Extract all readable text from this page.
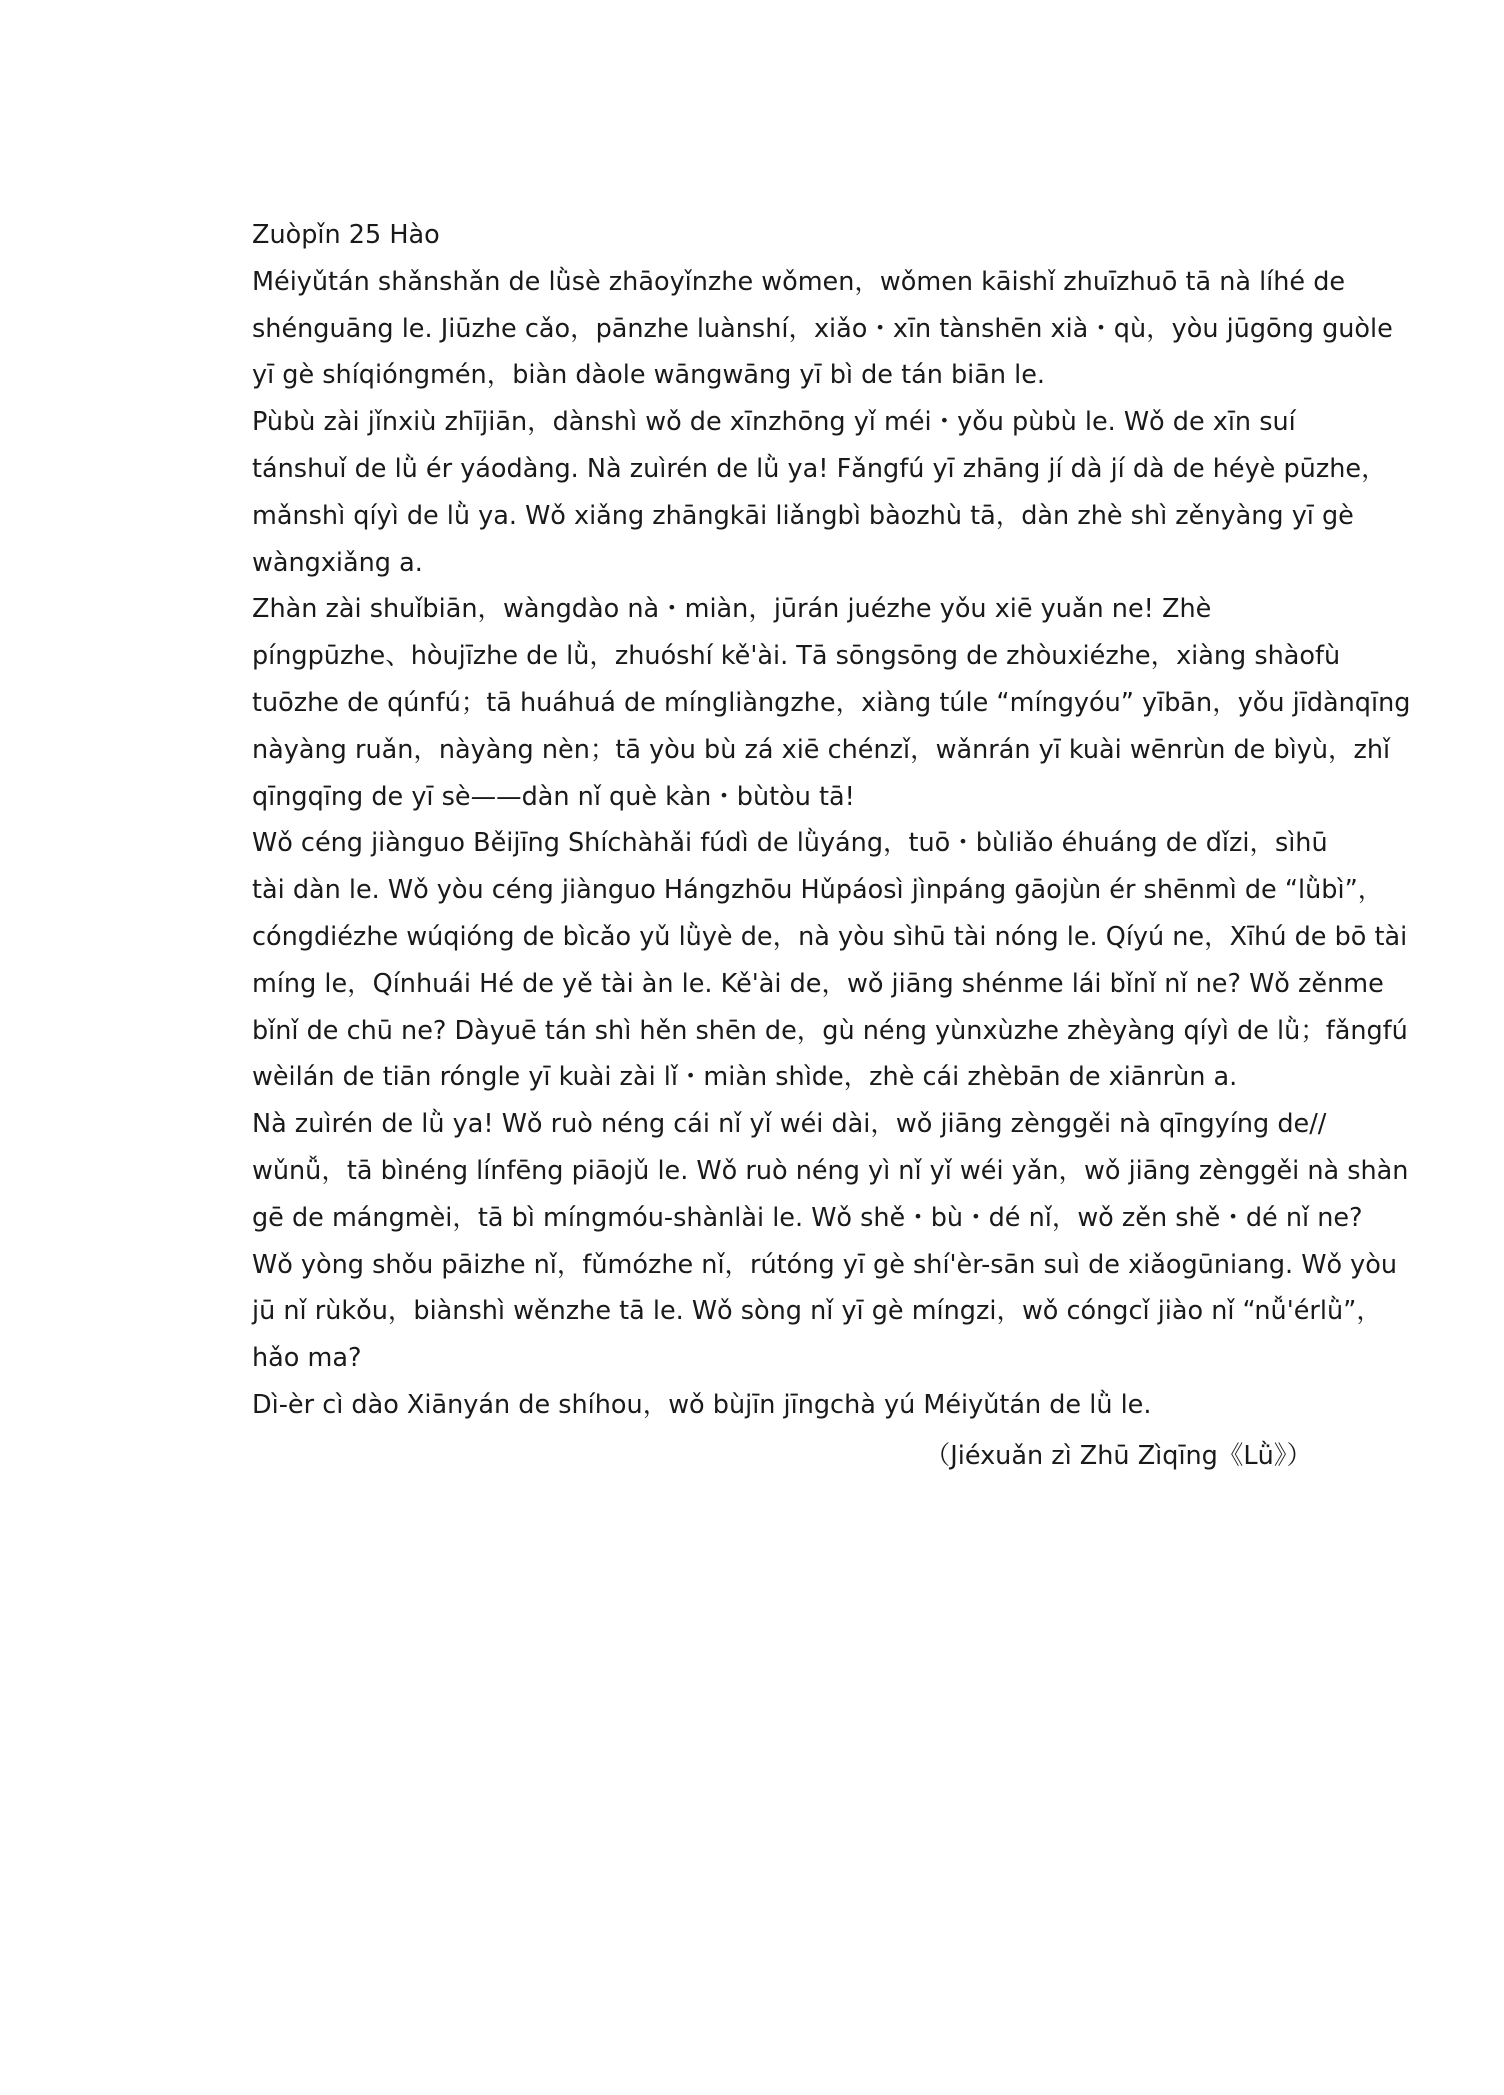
Zuòpǐn 25 Hào

Méiyǔtán shǎnshǎn de lǜsè zhāoyǐnzhe wǒmen，wǒmen kāishǐ zhuīzhuō tā nà líhé de
shénguāng le. Jiūzhe cǎo，pānzhe luànshí，xiǎo・xīn tànshēn xià・qù，yòu jūgōng guòle
yī gè shíqióngmén，biàn dàole wāngwāng yī bì de tán biān le.

Pùbù zài jǐnxiù zhījiān，dànshì wǒ de xīnzhōng yǐ méi・yǒu pùbù le. Wǒ de xīn suí
tánshuǐ de lǜ ér yáodàng. Nà zuìrén de lǜ ya! Fǎngfú yī zhāng jí dà jí dà de héyè pūzhe，
mǎnshì qíyì de lǜ ya. Wǒ xiǎng zhāngkāi liǎngbì bàozhù tā，dàn zhè shì zěnyàng yī gè
wàngxiǎng a.

Zhàn zài shuǐbiān，wàngdào nà・miàn，jūrán juézhe yǒu xiē yuǎn ne! Zhè
píngpūzhe、hòujīzhe de lǜ，zhuóshí kě'ài. Tā sōngsōng de zhòuxiézhe，xiàng shàofù
tuōzhe de qúnfú；tā huáhuá de míngliàngzhe，xiàng túle “míngyóu” yībān，yǒu jīdànqīng
nàyàng ruǎn，nàyàng nèn；tā yòu bù zá xiē chénzǐ，wǎnrán yī kuài wēnrùn de bìyù，zhǐ
qīngqīng de yī sè——dàn nǐ què kàn・bùtòu tā!

Wǒ céng jiànguo Běijīng Shíchàhǎi fúdì de lǜyáng，tuō・bùliǎo éhuáng de dǐzi，sìhū
tài dàn le. Wǒ yòu céng jiànguo Hángzhōu Hǔpáosì jìnpáng gāojùn ér shēnmì de “lǜbì”，
cóngdiézhe wúqióng de bìcǎo yǔ lǜyè de，nà yòu sìhū tài nóng le. Qíyú ne，Xīhú de bō tài
míng le，Qínhuái Hé de yě tài àn le. Kě'ài de，wǒ jiāng shénme lái bǐnǐ nǐ ne? Wǒ zěnme
bǐnǐ de chū ne? Dàyuē tán shì hěn shēn de，gù néng yùnxùzhe zhèyàng qíyì de lǜ；fǎngfú
wèilán de tiān róngle yī kuài zài lǐ・miàn shìde，zhè cái zhèbān de xiānrùn a.

Nà zuìrén de lǜ ya! Wǒ ruò néng cái nǐ yǐ wéi dài，wǒ jiāng zènggěi nà qīngyíng de//
wǔnǚ，tā bìnéng línfēng piāojǔ le. Wǒ ruò néng yì nǐ yǐ wéi yǎn，wǒ jiāng zènggěi nà shàn
gē de mángmèi，tā bì míngmóu-shànlài le. Wǒ shě・bù・dé nǐ，wǒ zěn shě・dé nǐ ne?
Wǒ yòng shǒu pāizhe nǐ，fǔmózhe nǐ，rútóng yī gè shí'èr-sān suì de xiǎogūniang. Wǒ yòu
jū nǐ rùkǒu，biànshì wěnzhe tā le. Wǒ sòng nǐ yī gè míngzi，wǒ cóngcǐ jiào nǐ “nǚ'érlǜ”，
hǎo ma?

Dì-èr cì dào Xiānyán de shíhou，wǒ bùjīn jīngchà yú Méiyǔtán de lǜ le.

（Jiéxuǎn zì Zhū Zìqīng《Lǜ》）
